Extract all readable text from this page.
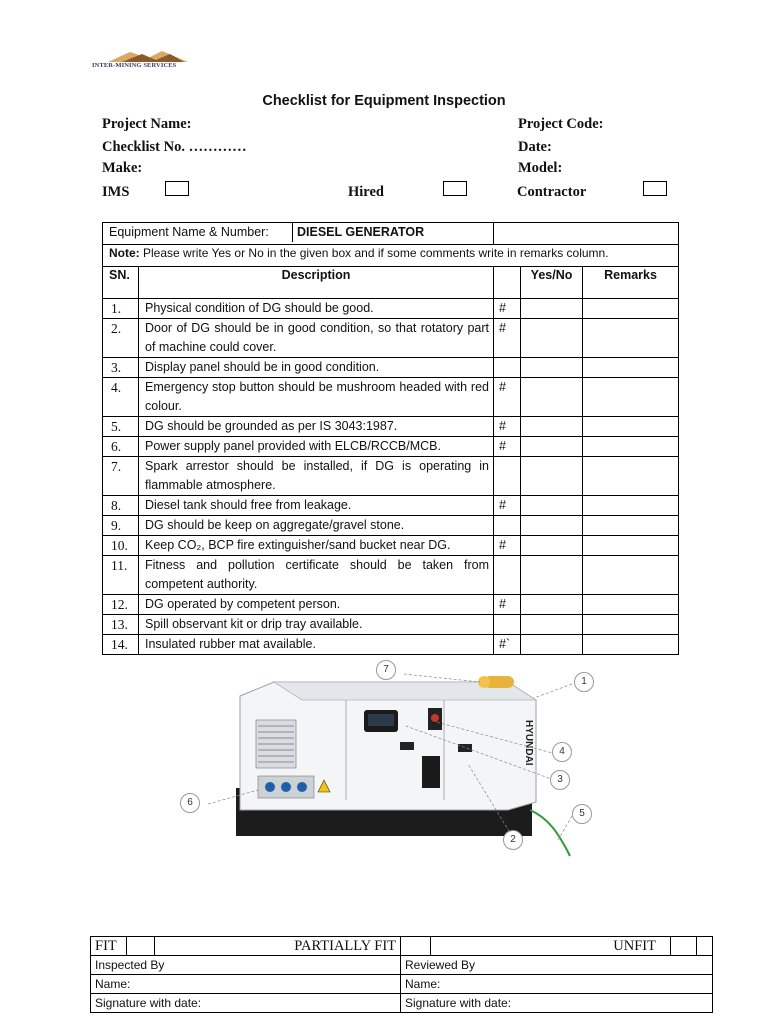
INTER-MINING SERVICES
Checklist for Equipment Inspection
Project Name:	Project Code:
Checklist No. …………	Date:
Make:	Model:
IMS	Hired	Contractor
Equipment Name & Number: DIESEL GENERATOR				

Note: Please write Yes or No in the given box and if some comments write in remarks column.				
SN.	Description		Yes/No	Remarks
1.	Physical condition of DG should be good.	#		
2.	Door of DG should be in good condition, so that rotatory part of machine could cover.	#		
3.	Display panel should be in good condition.			
4.	Emergency stop button should be mushroom headed with red colour.	#		
5.	DG should be grounded as per IS 3043:1987.	#		
6.	Power supply panel provided with ELCB/RCCB/MCB.	#		
7.	Spark arrestor should be installed, if DG is operating in flammable atmosphere.			
8.	Diesel tank should free from leakage.	#		
9.	DG should be keep on aggregate/gravel stone.			
10.	Keep CO₂, BCP fire extinguisher/sand bucket near DG.	#		
11.	Fitness and pollution certificate should be taken from competent authority.			
12.	DG operated by competent person.	#		
13.	Spill observant kit or drip tray available.			
14.	Insulated rubber mat available.	#`		
HYUNDAI
1
2
3
4
5
6
7
FIT		PARTIALLY FIT		UNFIT		
Inspected By			Reviewed By			
Name:			Name:			
Signature with date:			Signature with date:			
